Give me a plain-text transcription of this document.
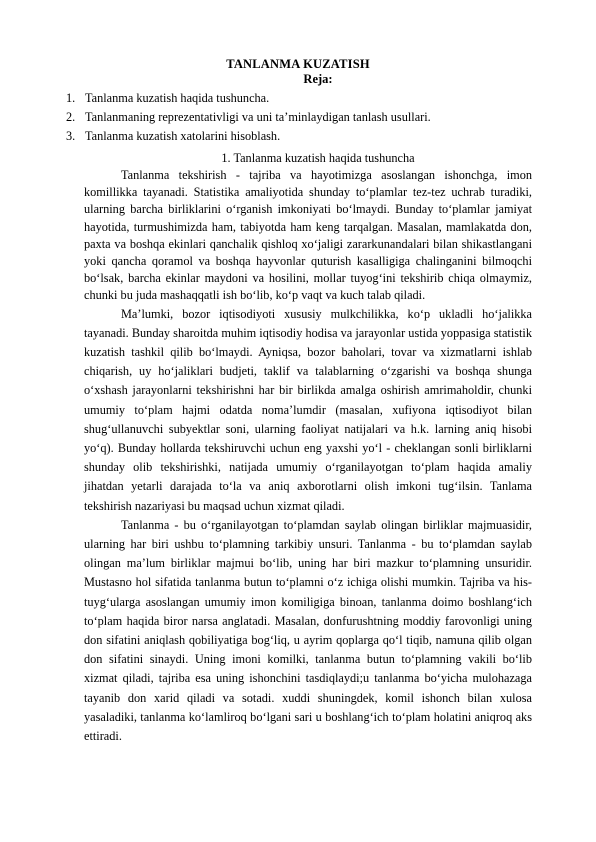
TANLANMA KUZATISH
Reja:
1. Tanlanma kuzatish haqida tushuncha.
2. Tanlanmaning reprezentativligi va uni ta’minlaydigan tanlash usullari.
3. Tanlanma kuzatish xatolarini hisoblash.
1. Tanlanma kuzatish haqida tushuncha

Tanlanma tekshirish - tajriba va hayotimizga asoslangan ishonchga, imon komillikka tayanadi. Statistika amaliyotida shunday to‘plamlar tez-tez uchrab turadiki, ularning barcha birliklarini o‘rganish imkoniyati bo‘lmaydi. Bunday to‘plamlar jamiyat hayotida, turmushimizda ham, tabiyotda ham keng tarqalgan. Masalan, mamlakatda don, paxta va boshqa ekinlari qanchalik qishloq xo‘jaligi zararkunandalari bilan shikastlangani yoki qancha qoramol va boshqa hayvonlar quturish kasalligiga chalinganini bilmoqchi bo‘lsak, barcha ekinlar maydoni va hosilini, mollar tuyog‘ini tekshirib chiqa olmaymiz, chunki bu juda mashaqqatli ish bo‘lib, ko‘p vaqt va kuch talab qiladi.

Ma’lumki, bozor iqtisodiyoti xususiy mulkchilikka, ko‘p ukladli ho‘jalikka tayanadi. Bunday sharoitda muhim iqtisodiy hodisa va jarayonlar ustida yoppasiga statistik kuzatish tashkil qilib bo‘lmaydi. Ayniqsa, bozor baholari, tovar va xizmatlarni ishlab chiqarish, uy ho‘jaliklari budjeti, taklif va talablarning o‘zgarishi va boshqa shunga o‘xshash jarayonlarni tekshirishni har bir birlikda amalga oshirish amrimaholdir, chunki umumiy to‘plam hajmi odatda noma’lumdir (masalan, xufiyona iqtisodiyot bilan shug‘ullanuvchi subyektlar soni, ularning faoliyat natijalari va h.k. larning aniq hisobi yo‘q). Bunday hollarda tekshiruvchi uchun eng yaxshi yo‘l - cheklangan sonli birliklarni shunday olib tekshirishki, natijada umumiy o‘rganilayotgan to‘plam haqida amaliy jihatdan yetarli darajada to‘la va aniq axborotlarni olish imkoni tug‘ilsin. Tanlama tekshirish nazariyasi bu maqsad uchun xizmat qiladi.

Tanlanma - bu o‘rganilayotgan to‘plamdan saylab olingan birliklar majmuasidir, ularning har biri ushbu to‘plamning tarkibiy unsuri. Tanlanma - bu to‘plamdan saylab olingan ma’lum birliklar majmui bo‘lib, uning har biri mazkur to‘plamning unsuridir. Mustasno hol sifatida tanlanma butun to‘plamni o‘z ichiga olishi mumkin. Tajriba va his-tuyg‘ularga asoslangan umumiy imon komiligiga binoan, tanlanma doimo boshlang‘ich to‘plam haqida biror narsa anglatadi. Masalan, donfurushtning moddiy farovonligi uning don sifatini aniqlash qobiliyatiga bog‘liq, u ayrim qoplarga qo‘l tiqib, namuna qilib olgan don sifatini sinaydi. Uning imoni komilki, tanlanma butun to‘plamning vakili bo‘lib xizmat qiladi, tajriba esa uning ishonchini tasdiqlaydi;u tanlanma bo‘yicha mulohazaga tayanib don xarid qiladi va sotadi. xuddi shuningdek, komil ishonch bilan xulosa yasaladiki, tanlanma ko‘lamliroq bo‘lgani sari u boshlang‘ich to‘plam holatini aniqroq aks ettiradi.
